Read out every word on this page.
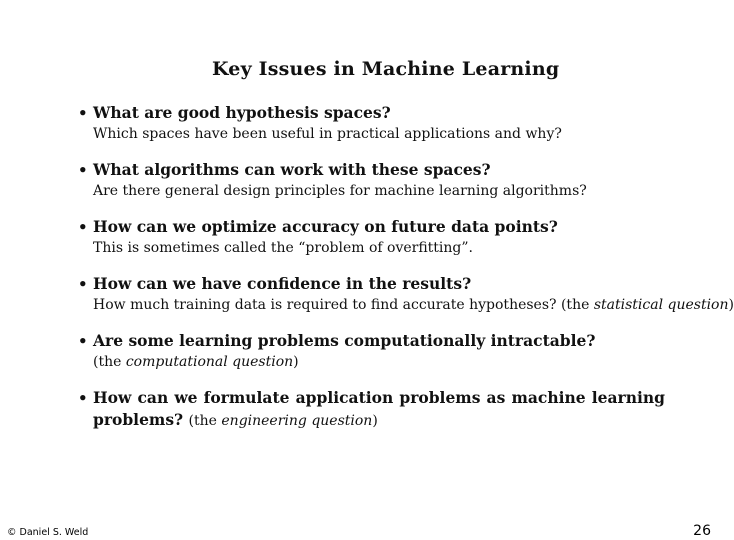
Key Issues in Machine Learning
• What are good hypothesis spaces?
Which spaces have been useful in practical applications and why?
• What algorithms can work with these spaces?
Are there general design principles for machine learning algorithms?
• How can we optimize accuracy on future data points?
This is sometimes called the “problem of overfitting”.
• How can we have confidence in the results?
How much training data is required to find accurate hypotheses? (the statistical question)
• Are some learning problems computationally intractable?
(the computational question)
• How can we formulate application problems as machine learning problems? (the engineering question)
© Daniel S. Weld	26
